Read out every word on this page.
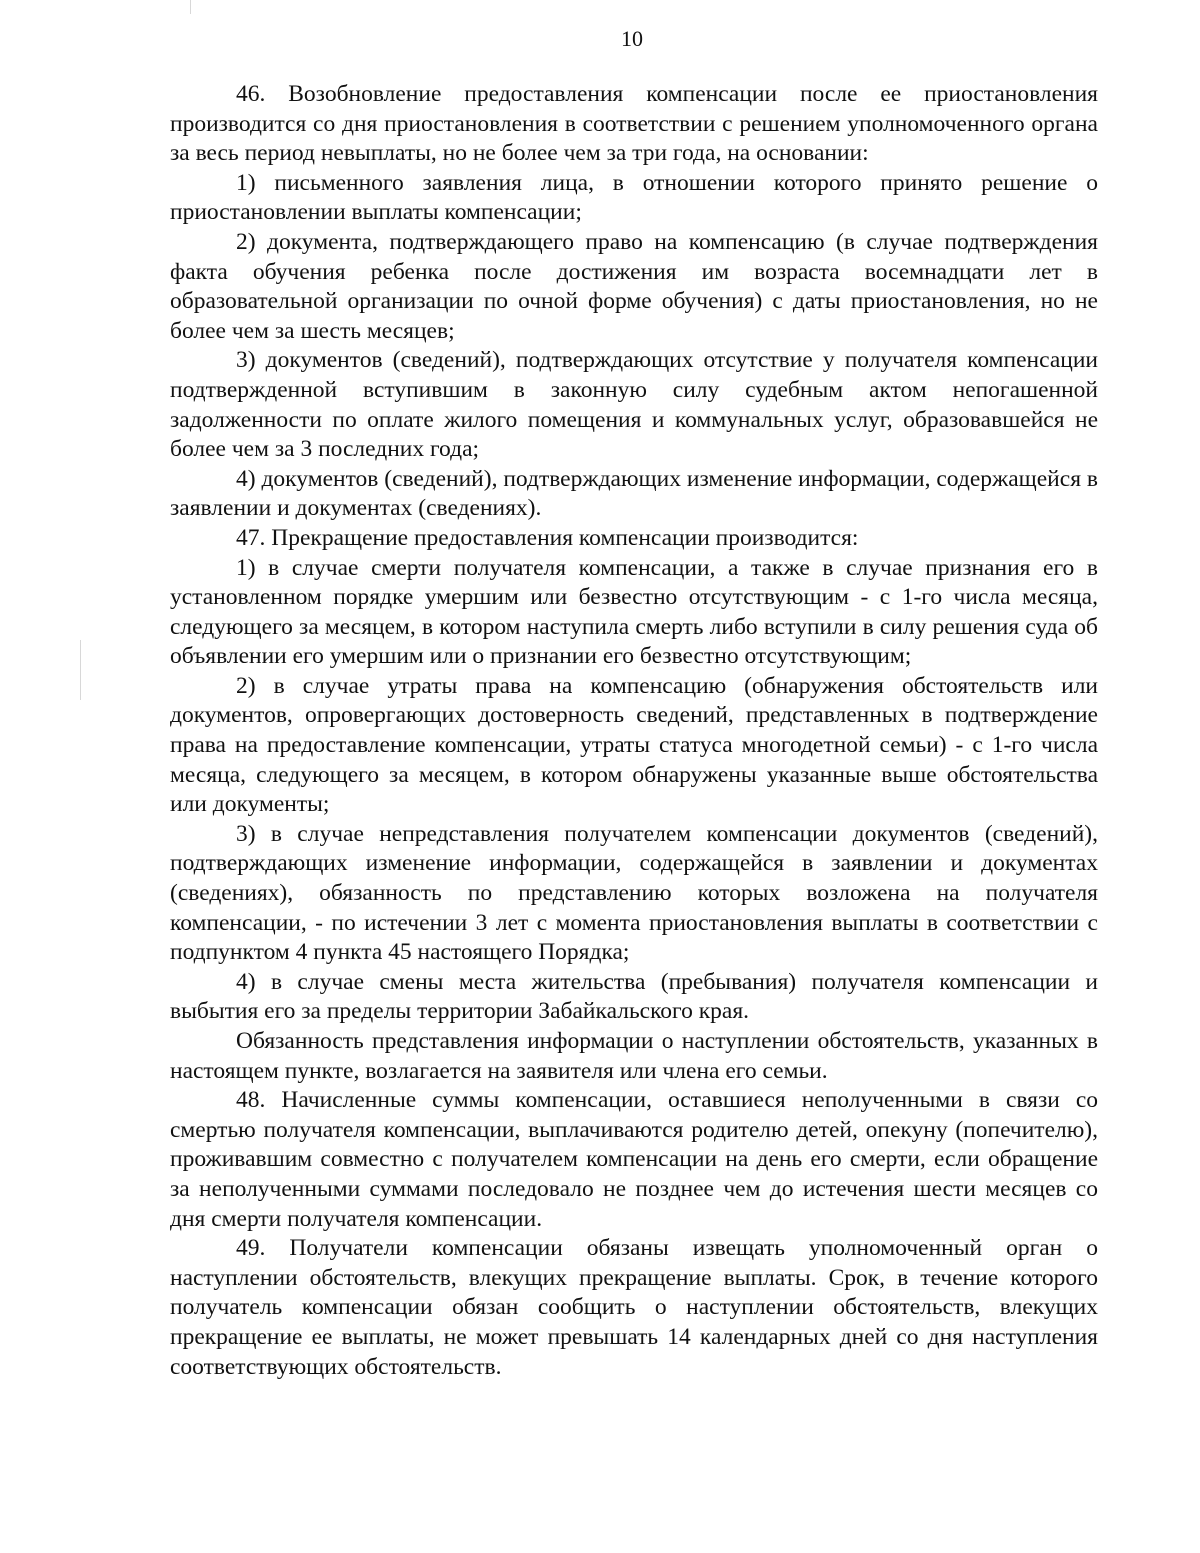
10

46. Возобновление предоставления компенсации после ее приостановления производится со дня приостановления в соответствии с решением уполномоченного органа за весь период невыплаты, но не более чем за три года, на основании:

1) письменного заявления лица, в отношении которого принято решение о приостановлении выплаты компенсации;

2) документа, подтверждающего право на компенсацию (в случае подтверждения факта обучения ребенка после достижения им возраста восемнадцати лет в образовательной организации по очной форме обучения) с даты приостановления, но не более чем за шесть месяцев;

3) документов (сведений), подтверждающих отсутствие у получателя компенсации подтвержденной вступившим в законную силу судебным актом непогашенной задолженности по оплате жилого помещения и коммунальных услуг, образовавшейся не более чем за 3 последних года;

4) документов (сведений), подтверждающих изменение информации, содержащейся в заявлении и документах (сведениях).

47. Прекращение предоставления компенсации производится:

1) в случае смерти получателя компенсации, а также в случае признания его в установленном порядке умершим или безвестно отсутствующим - с 1-го числа месяца, следующего за месяцем, в котором наступила смерть либо вступили в силу решения суда об объявлении его умершим или о признании его безвестно отсутствующим;

2) в случае утраты права на компенсацию (обнаружения обстоятельств или документов, опровергающих достоверность сведений, представленных в подтверждение права на предоставление компенсации, утраты статуса многодетной семьи) - с 1-го числа месяца, следующего за месяцем, в котором обнаружены указанные выше обстоятельства или документы;

3) в случае непредставления получателем компенсации документов (сведений), подтверждающих изменение информации, содержащейся в заявлении и документах (сведениях), обязанность по представлению которых возложена на получателя компенсации, - по истечении 3 лет с момента приостановления выплаты в соответствии с подпунктом 4 пункта 45 настоящего Порядка;

4) в случае смены места жительства (пребывания) получателя компенсации и выбытия его за пределы территории Забайкальского края.

Обязанность представления информации о наступлении обстоятельств, указанных в настоящем пункте, возлагается на заявителя или члена его семьи.

48. Начисленные суммы компенсации, оставшиеся неполученными в связи со смертью получателя компенсации, выплачиваются родителю детей, опекуну (попечителю), проживавшим совместно с получателем компенсации на день его смерти, если обращение за неполученными суммами последовало не позднее чем до истечения шести месяцев со дня смерти получателя компенсации.

49. Получатели компенсации обязаны извещать уполномоченный орган о наступлении обстоятельств, влекущих прекращение выплаты. Срок, в течение которого получатель компенсации обязан сообщить о наступлении обстоятельств, влекущих прекращение ее выплаты, не может превышать 14 календарных дней со дня наступления соответствующих обстоятельств.
